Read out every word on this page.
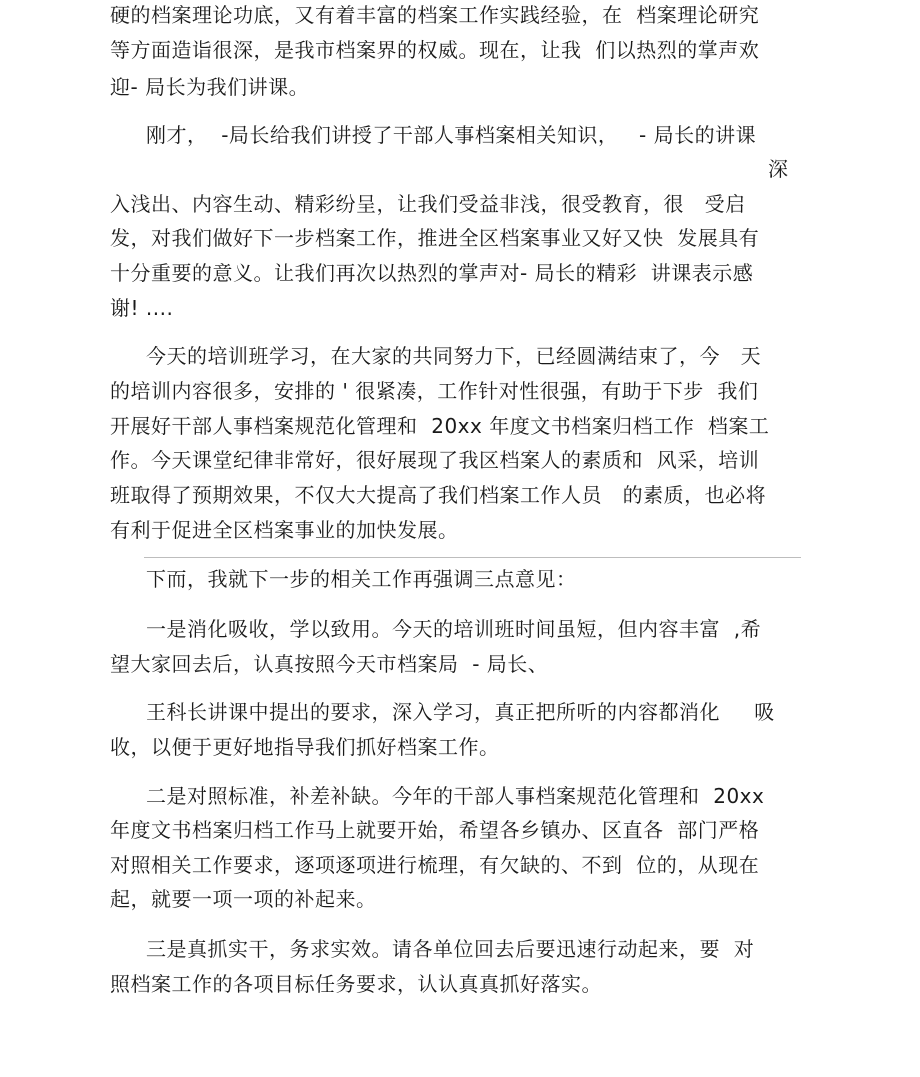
硬的档案理论功底，又有着丰富的档案工作实践经验，在  档案理论研究
等方面造诣很深，是我市档案界的权威。现在，让我  们以热烈的掌声欢
迎- 局长为我们讲课。
刚才，  -局长给我们讲授了干部人事档案相关知识，   - 局长的讲课
深
入浅出、内容生动、精彩纷呈，让我们受益非浅，很受教育，很   受启
发，对我们做好下一步档案工作，推进全区档案事业又好又快  发展具有
十分重要的意义。让我们再次以热烈的掌声对- 局长的精彩  讲课表示感
谢! ....
今天的培训班学习，在大家的共同努力下，已经圆满结束了，今   天
的培训内容很多，安排的 ' 很紧凑，工作针对性很强，有助于下步  我们
开展好干部人事档案规范化管理和  20xx 年度文书档案归档工作  档案工
作。今天课堂纪律非常好，很好展现了我区档案人的素质和  风采，培训
班取得了预期效果，不仅大大提高了我们档案工作人员   的素质，也必将
有利于促进全区档案事业的加快发展。
下而，我就下一步的相关工作再强调三点意见：
一是消化吸收，学以致用。今天的培训班时间虽短，但内容丰富  ,希
望大家回去后，认真按照今天市档案局  - 局长、
王科长讲课中提出的要求，深入学习，真正把所听的内容都消化     吸
收，以便于更好地指导我们抓好档案工作。
二是对照标准，补差补缺。今年的干部人事档案规范化管理和  20xx
年度文书档案归档工作马上就要开始，希望各乡镇办、区直各  部门严格
对照相关工作要求，逐项逐项进行梳理，有欠缺的、不到  位的，从现在
起，就要一项一项的补起来。
三是真抓实干，务求实效。请各单位回去后要迅速行动起来，要  对
照档案工作的各项目标任务要求，认认真真抓好落实。
